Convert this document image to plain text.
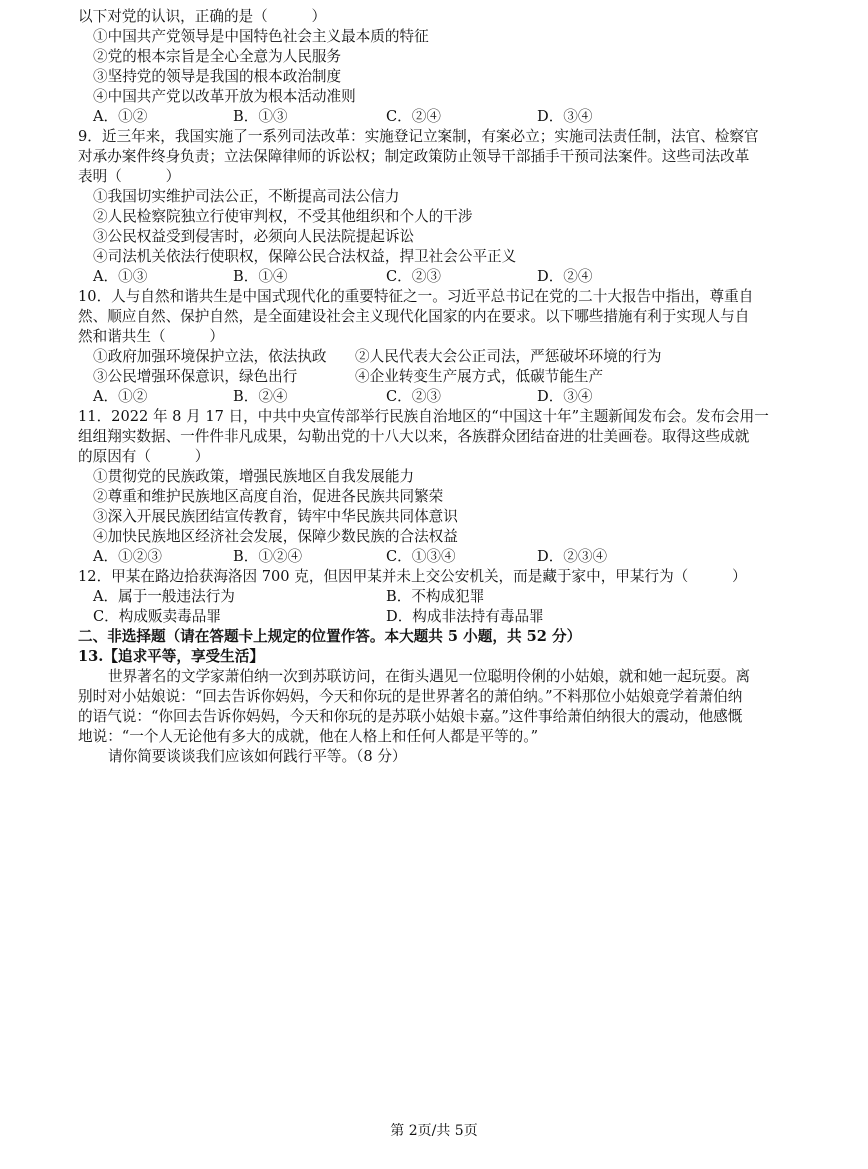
以下对党的认识，正确的是（　　　）
①中国共产党领导是中国特色社会主义最本质的特征
②党的根本宗旨是全心全意为人民服务
③坚持党的领导是我国的根本政治制度
④中国共产党以改革开放为根本活动准则
A．①②	B．①③	C．②④	D．③④
9．近三年来，我国实施了一系列司法改革：实施登记立案制，有案必立；实施司法责任制，法官、检察官
对承办案件终身负责；立法保障律师的诉讼权；制定政策防止领导干部插手干预司法案件。这些司法改革
表明（　　　）
①我国切实维护司法公正，不断提高司法公信力
②人民检察院独立行使审判权，不受其他组织和个人的干涉
③公民权益受到侵害时，必须向人民法院提起诉讼
④司法机关依法行使职权，保障公民合法权益，捍卫社会公平正义
A．①③	B．①④	C．②③	D．②④
10．人与自然和谐共生是中国式现代化的重要特征之一。习近平总书记在党的二十大报告中指出，尊重自
然、顺应自然、保护自然，是全面建设社会主义现代化国家的内在要求。以下哪些措施有利于实现人与自
然和谐共生（　　　）
①政府加强环境保护立法，依法执政 ②人民代表大会公正司法，严惩破坏环境的行为
③公民增强环保意识，绿色出行	④企业转变生产展方式，低碳节能生产
A．①②	B．②④	C．②③	D．③④
11．2022 年 8 月 17 日，中共中央宣传部举行民族自治地区的“中国这十年”主题新闻发布会。发布会用一
组组翔实数据、一件件非凡成果，勾勒出党的十八大以来，各族群众团结奋进的壮美画卷。取得这些成就
的原因有（　　　）
①贯彻党的民族政策，增强民族地区自我发展能力
②尊重和维护民族地区高度自治，促进各民族共同繁荣
③深入开展民族团结宣传教育，铸牢中华民族共同体意识
④加快民族地区经济社会发展，保障少数民族的合法权益
A．①②③	B．①②④	C．①③④	D．②③④
12．甲某在路边拾获海洛因 700 克，但因甲某并未上交公安机关，而是藏于家中，甲某行为（　　　）
A．属于一般违法行为	B．不构成犯罪
C．构成贩卖毒品罪	D．构成非法持有毒品罪
二、非选择题（请在答题卡上规定的位置作答。本大题共 5 小题，共 52 分）
13.【追求平等，享受生活】
世界著名的文学家萧伯纳一次到苏联访问，在街头遇见一位聪明伶俐的小姑娘，就和她一起玩耍。离
别时对小姑娘说：“回去告诉你妈妈，今天和你玩的是世界著名的萧伯纳。”不料那位小姑娘竟学着萧伯纳
的语气说：“你回去告诉你妈妈，今天和你玩的是苏联小姑娘卡嘉。”这件事给萧伯纳很大的震动，他感慨
地说：“一个人无论他有多大的成就，他在人格上和任何人都是平等的。”
请你简要谈谈我们应该如何践行平等。（8 分）
第 2页/共 5页
